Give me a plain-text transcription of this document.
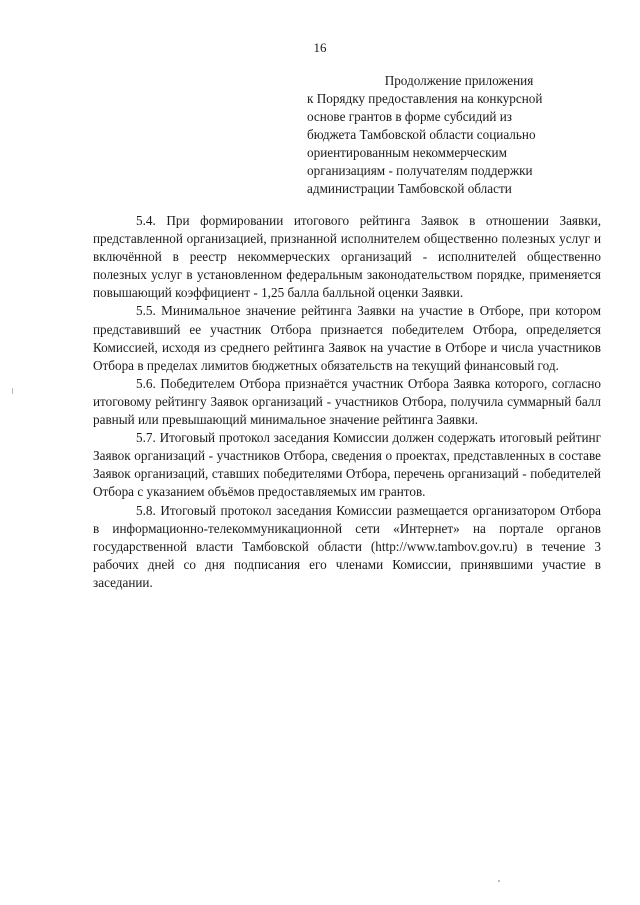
16
Продолжение приложения
к Порядку предоставления на конкурсной
основе грантов в форме субсидий из
бюджета Тамбовской области социально
ориентированным некоммерческим
организациям - получателям поддержки
администрации Тамбовской области

5.4. При формировании итогового рейтинга Заявок в отношении Заявки, представленной организацией, признанной исполнителем общественно полезных услуг и включённой в реестр некоммерческих организаций - исполнителей общественно полезных услуг в установленном федеральным законодательством порядке, применяется повышающий коэффициент - 1,25 балла балльной оценки Заявки.

5.5. Минимальное значение рейтинга Заявки на участие в Отборе, при котором представивший ее участник Отбора признается победителем Отбора, определяется Комиссией, исходя из среднего рейтинга Заявок на участие в Отборе и числа участников Отбора в пределах лимитов бюджетных обязательств на текущий финансовый год.

5.6. Победителем Отбора признаётся участник Отбора Заявка которого, согласно итоговому рейтингу Заявок организаций - участников Отбора, получила суммарный балл равный или превышающий минимальное значение рейтинга Заявки.

5.7. Итоговый протокол заседания Комиссии должен содержать итоговый рейтинг Заявок организаций - участников Отбора, сведения о проектах, представленных в составе Заявок организаций, ставших победителями Отбора, перечень организаций - победителей Отбора с указанием объёмов предоставляемых им грантов.

5.8. Итоговый протокол заседания Комиссии размещается организатором Отбора в информационно-телекоммуникационной сети «Интернет» на портале органов государственной власти Тамбовской области (http://www.tambov.gov.ru) в течение 3 рабочих дней со дня подписания его членами Комиссии, принявшими участие в заседании.
